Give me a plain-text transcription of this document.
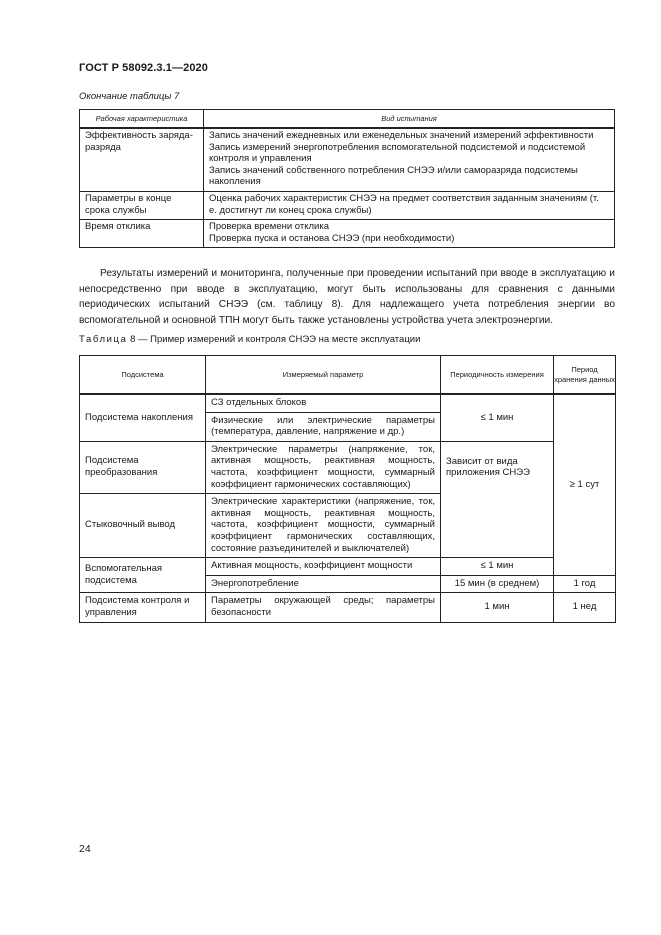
ГОСТ Р 58092.3.1—2020
Окончание таблицы 7
Рабочая характеристика	Вид испытания
Эффективность заряда-разряда	Запись значений ежедневных или еженедельных значений измерений эффективности
Запись измерений энергопотребления вспомогательной подсистемой и подсистемой контроля и управления
Запись значений собственного потребления СНЭЭ и/или саморазряда подсистемы накопления

Параметры в конце срока службы	Оценка рабочих характеристик СНЭЭ на предмет соответствия заданным значениям (т. е. достигнут ли конец срока службы)

Время отклика	Проверка времени отклика
Проверка пуска и останова СНЭЭ (при необходимости)

Результаты измерений и мониторинга, полученные при проведении испытаний при вводе в эксплуатацию и непосредственно при вводе в эксплуатацию, могут быть использованы для сравнения с данными периодических испытаний СНЭЭ (см. таблицу 8). Для надлежащего учета потребления энергии во вспомогательной и основной ТПН могут быть также установлены устройства учета электроэнергии.

Таблица 8 — Пример измерений и контроля СНЭЭ на месте эксплуатации
Подсистема	Измеряемый параметр	Периодичность измерения	Период хранения данных
Подсистема накопления	СЗ отдельных блоков	≤ 1 мин	≥ 1 сут
	Физические или электрические параметры (температура, давление, напряжение и др.)		
Подсистема преобразования	Электрические параметры (напряжение, ток, активная мощность, реактивная мощность, частота, коэффициент мощности, суммарный коэффициент гармонических составляющих)	Зависит от вида приложения СНЭЭ	
Стыковочный вывод	Электрические характеристики (напряжение, ток, активная мощность, реактивная мощность, частота, коэффициент мощности, суммарный коэффициент гармонических составляющих, состояние разъединителей и выключателей)		
Вспомогательная подсистема	Активная мощность, коэффициент мощности	≤ 1 мин	
	Энергопотребление	15 мин (в среднем)	1 год
Подсистема контроля и управления	Параметры окружающей среды; параметры безопасности	1 мин	1 нед
24
